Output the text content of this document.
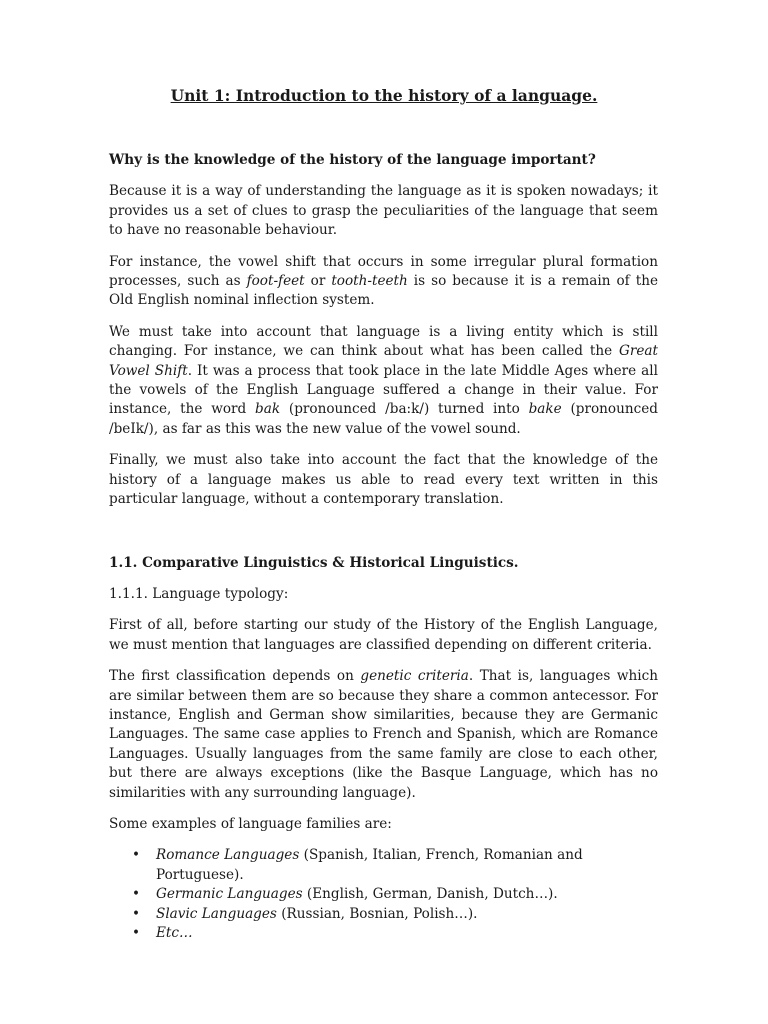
Unit 1: Introduction to the history of a language.

Why is the knowledge of the history of the language important?

Because it is a way of understanding the language as it is spoken nowadays; it provides us a set of clues to grasp the peculiarities of the language that seem to have no reasonable behaviour.

For instance, the vowel shift that occurs in some irregular plural formation processes, such as foot-feet or tooth-teeth is so because it is a remain of the Old English nominal inflection system.

We must take into account that language is a living entity which is still changing. For instance, we can think about what has been called the Great Vowel Shift. It was a process that took place in the late Middle Ages where all the vowels of the English Language suffered a change in their value. For instance, the word bak (pronounced /ba:k/) turned into bake (pronounced /beIk/), as far as this was the new value of the vowel sound.

Finally, we must also take into account the fact that the knowledge of the history of a language makes us able to read every text written in this particular language, without a contemporary translation.

1.1. Comparative Linguistics & Historical Linguistics.

1.1.1. Language typology:

First of all, before starting our study of the History of the English Language, we must mention that languages are classified depending on different criteria.

The first classification depends on genetic criteria. That is, languages which are similar between them are so because they share a common antecessor. For instance, English and German show similarities, because they are Germanic Languages. The same case applies to French and Spanish, which are Romance Languages. Usually languages from the same family are close to each other, but there are always exceptions (like the Basque Language, which has no similarities with any surrounding language).

Some examples of language families are:

• Romance Languages (Spanish, Italian, French, Romanian and Portuguese).
• Germanic Languages (English, German, Danish, Dutch…).
• Slavic Languages (Russian, Bosnian, Polish…).
• Etc…
